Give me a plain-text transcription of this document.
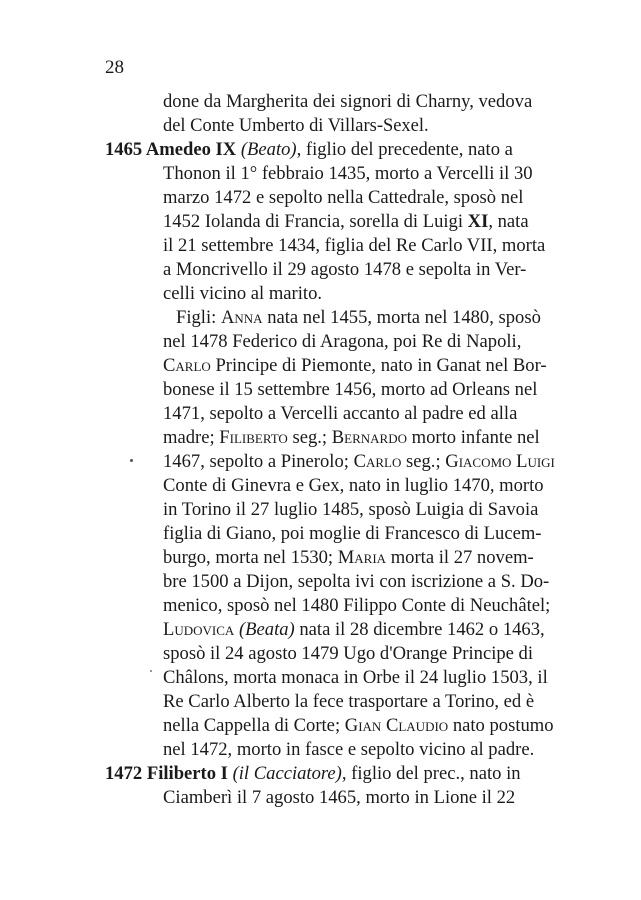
28
done da Margherita dei signori di Charny, vedova
del Conte Umberto di Villars-Sexel.
1465 Amedeo IX (Beato), figlio del precedente, nato a
Thonon il 1° febbraio 1435, morto a Vercelli il 30
marzo 1472 e sepolto nella Cattedrale, sposò nel
1452 Iolanda di Francia, sorella di Luigi XI, nata
il 21 settembre 1434, figlia del Re Carlo VII, morta
a Moncrivello il 29 agosto 1478 e sepolta in Ver-
celli vicino al marito.
Figli: Anna nata nel 1455, morta nel 1480, sposò
nel 1478 Federico di Aragona, poi Re di Napoli,
Carlo Principe di Piemonte, nato in Ganat nel Bor-
bonese il 15 settembre 1456, morto ad Orleans nel
1471, sepolto a Vercelli accanto al padre ed alla
madre; Filiberto seg.; Bernardo morto infante nel
1467, sepolto a Pinerolo; Carlo seg.; Giacomo Luigi
Conte di Ginevra e Gex, nato in luglio 1470, morto
in Torino il 27 luglio 1485, sposò Luigia di Savoia
figlia di Giano, poi moglie di Francesco di Lucem-
burgo, morta nel 1530; Maria morta il 27 novem-
bre 1500 a Dijon, sepolta ivi con iscrizione a S. Do-
menico, sposò nel 1480 Filippo Conte di Neuchâtel;
Ludovica (Beata) nata il 28 dicembre 1462 o 1463,
sposò il 24 agosto 1479 Ugo d'Orange Principe di
Châlons, morta monaca in Orbe il 24 luglio 1503, il
Re Carlo Alberto la fece trasportare a Torino, ed è
nella Cappella di Corte; Gian Claudio nato postumo
nel 1472, morto in fasce e sepolto vicino al padre.
1472 Filiberto I (il Cacciatore), figlio del prec., nato in
Ciamberì il 7 agosto 1465, morto in Lione il 22
